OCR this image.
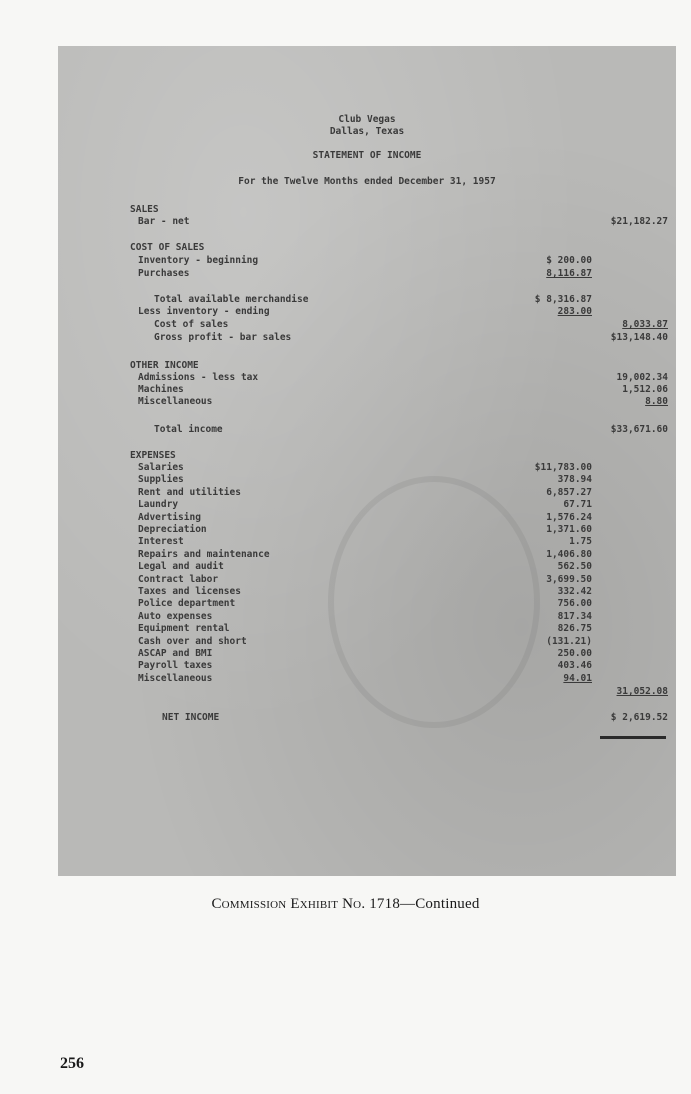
Club Vegas
Dallas, Texas
STATEMENT OF INCOME
For the Twelve Months ended December 31, 1957
SALES
Bar - net	$21,182.27
COST OF SALES
Inventory - beginning	$ 200.00
Purchases	8,116.87
Total available merchandise	$ 8,316.87
Less inventory - ending	283.00
Cost of sales	8,033.87
Gross profit - bar sales	$13,148.40
OTHER INCOME
Admissions - less tax	19,002.34
Machines	1,512.06
Miscellaneous	8.80
Total income	$33,671.60
EXPENSES
Salaries	$11,783.00
Supplies	378.94
Rent and utilities	6,857.27
Laundry	67.71
Advertising	1,576.24
Depreciation	1,371.60
Interest	1.75
Repairs and maintenance	1,406.80
Legal and audit	562.50
Contract labor	3,699.50
Taxes and licenses	332.42
Police department	756.00
Auto expenses	817.34
Equipment rental	826.75
Cash over and short	(131.21)
ASCAP and BMI	250.00
Payroll taxes	403.46
Miscellaneous	94.01
31,052.08
NET INCOME	$ 2,619.52
Commission Exhibit No. 1718—Continued
256
